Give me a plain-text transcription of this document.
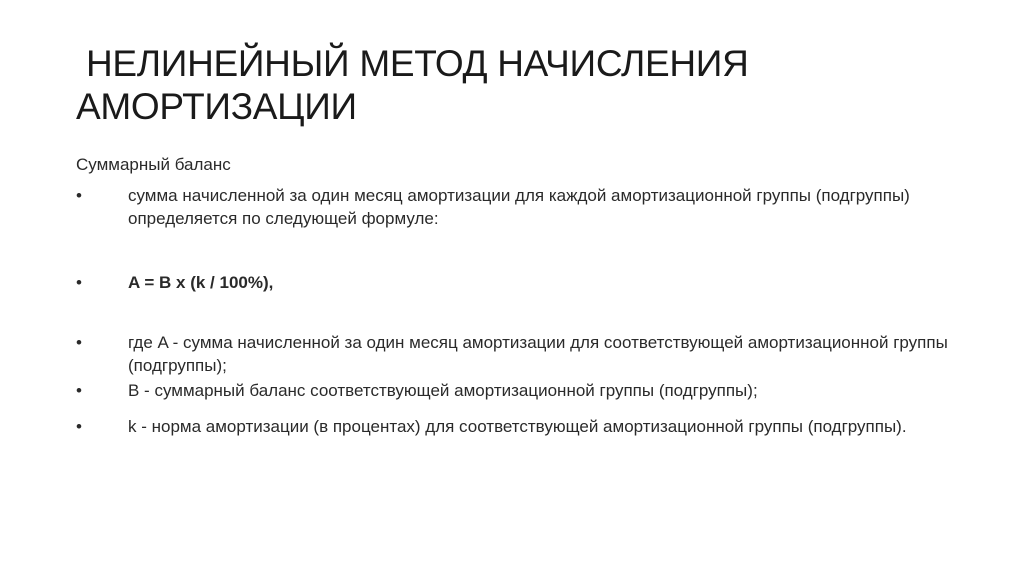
НЕЛИНЕЙНЫЙ МЕТОД НАЧИСЛЕНИЯ
АМОРТИЗАЦИИ
Суммарный баланс
•	сумма начисленной за один месяц амортизации для каждой амортизационной группы (подгруппы) определяется по следующей формуле:
•	A = B x (k / 100%),
•	где A - сумма начисленной за один месяц амортизации для соответствующей амортизационной группы (подгруппы);
•	B - суммарный баланс соответствующей амортизационной группы (подгруппы);
•	k - норма амортизации (в процентах) для соответствующей амортизационной группы (подгруппы).
